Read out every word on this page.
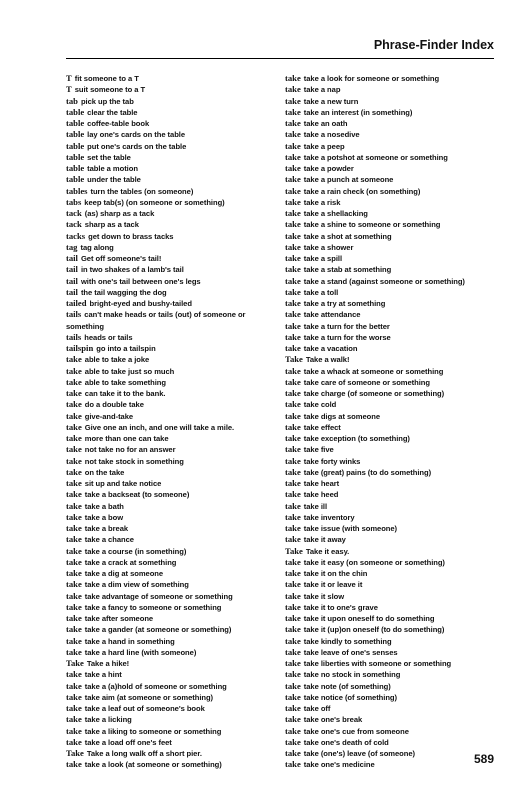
Phrase-Finder Index
T fit someone to a T
T suit someone to a T
tab pick up the tab
table clear the table
table coffee-table book
table lay one's cards on the table
table put one's cards on the table
table set the table
table table a motion
table under the table
tables turn the tables (on someone)
tabs keep tab(s) (on someone or something)
tack (as) sharp as a tack
tack sharp as a tack
tacks get down to brass tacks
tag tag along
tail Get off someone's tail!
tail in two shakes of a lamb's tail
tail with one's tail between one's legs
tail the tail wagging the dog
tailed bright-eyed and bushy-tailed
tails can't make heads or tails (out) of someone or
something
tails heads or tails
tailspin go into a tailspin
take able to take a joke
take able to take just so much
take able to take something
take can take it to the bank.
take do a double take
take give-and-take
take Give one an inch, and one will take a mile.
take more than one can take
take not take no for an answer
take not take stock in something
take on the take
take sit up and take notice
take take a backseat (to someone)
take take a bath
take take a bow
take take a break
take take a chance
take take a course (in something)
take take a crack at something
take take a dig at someone
take take a dim view of something
take take advantage of someone or something
take take a fancy to someone or something
take take after someone
take take a gander (at someone or something)
take take a hand in something
take take a hard line (with someone)
Take Take a hike!
take take a hint
take take a (a)hold of someone or something
take take aim (at someone or something)
take take a leaf out of someone's book
take take a licking
take take a liking to someone or something
take take a load off one's feet
Take Take a long walk off a short pier.
take take a look (at someone or something)
take take a look for someone or something
take take a nap
take take a new turn
take take an interest (in something)
take take an oath
take take a nosedive
take take a peep
take take a potshot at someone or something
take take a powder
take take a punch at someone
take take a rain check (on something)
take take a risk
take take a shellacking
take take a shine to someone or something
take take a shot at something
take take a shower
take take a spill
take take a stab at something
take take a stand (against someone or something)
take take a toll
take take a try at something
take take attendance
take take a turn for the better
take take a turn for the worse
take take a vacation
Take Take a walk!
take take a whack at someone or something
take take care of someone or something
take take charge (of someone or something)
take take cold
take take digs at someone
take take effect
take take exception (to something)
take take five
take take forty winks
take take (great) pains (to do something)
take take heart
take take heed
take take ill
take take inventory
take take issue (with someone)
take take it away
Take Take it easy.
take take it easy (on someone or something)
take take it on the chin
take take it or leave it
take take it slow
take take it to one's grave
take take it upon oneself to do something
take take it (up)on oneself (to do something)
take take kindly to something
take take leave of one's senses
take take liberties with someone or something
take take no stock in something
take take note (of something)
take take notice (of something)
take take off
take take one's break
take take one's cue from someone
take take one's death of cold
take take (one's) leave (of someone)
take take one's medicine	589
